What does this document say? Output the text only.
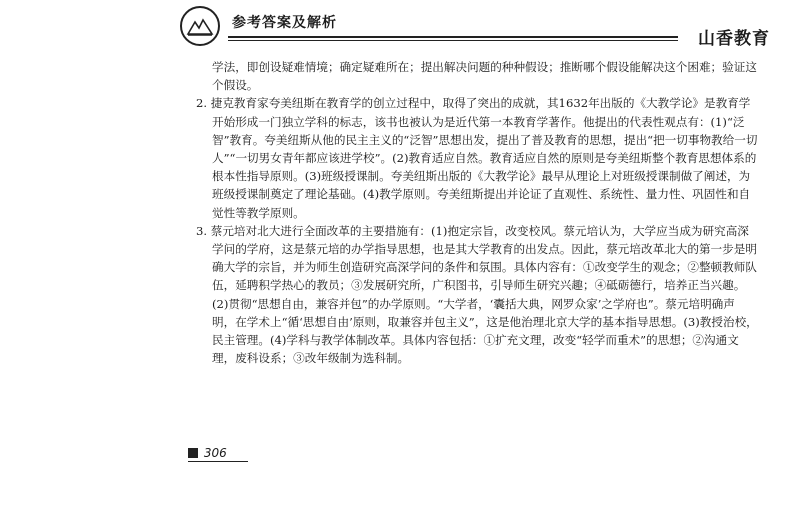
参考答案及解析
山香教育

学法，即创设疑难情境；确定疑难所在；提出解决问题的种种假设；推断哪个假设能解决这个困难；验证这个假设。

2. 捷克教育家夸美纽斯在教育学的创立过程中，取得了突出的成就，其1632年出版的《大教学论》是教育学开始形成一门独立学科的标志，该书也被认为是近代第一本教育学著作。他提出的代表性观点有：(1)“泛智”教育。夸美纽斯从他的民主主义的“泛智”思想出发，提出了普及教育的思想，提出“把一切事物教给一切人”“一切男女青年都应该进学校”。(2)教育适应自然。教育适应自然的原则是夸美纽斯整个教育思想体系的根本性指导原则。(3)班级授课制。夸美纽斯出版的《大教学论》最早从理论上对班级授课制做了阐述，为班级授课制奠定了理论基础。(4)教学原则。夸美纽斯提出并论证了直观性、系统性、量力性、巩固性和自觉性等教学原则。

3. 蔡元培对北大进行全面改革的主要措施有：(1)抱定宗旨，改变校风。蔡元培认为，大学应当成为研究高深学问的学府，这是蔡元培的办学指导思想，也是其大学教育的出发点。因此，蔡元培改革北大的第一步是明确大学的宗旨，并为师生创造研究高深学问的条件和氛围。具体内容有：①改变学生的观念；②整顿教师队伍，延聘积学热心的教员；③发展研究所，广积图书，引导师生研究兴趣；④砥砺德行，培养正当兴趣。(2)贯彻“思想自由，兼容并包”的办学原则。“大学者，‘囊括大典，网罗众家’之学府也”。蔡元培明确声明，在学术上“循‘思想自由’原则，取兼容并包主义”，这是他治理北京大学的基本指导思想。(3)教授治校，民主管理。(4)学科与教学体制改革。具体内容包括：①扩充文理，改变“轻学而重术”的思想；②沟通文理，废科设系；③改年级制为选科制。

306
